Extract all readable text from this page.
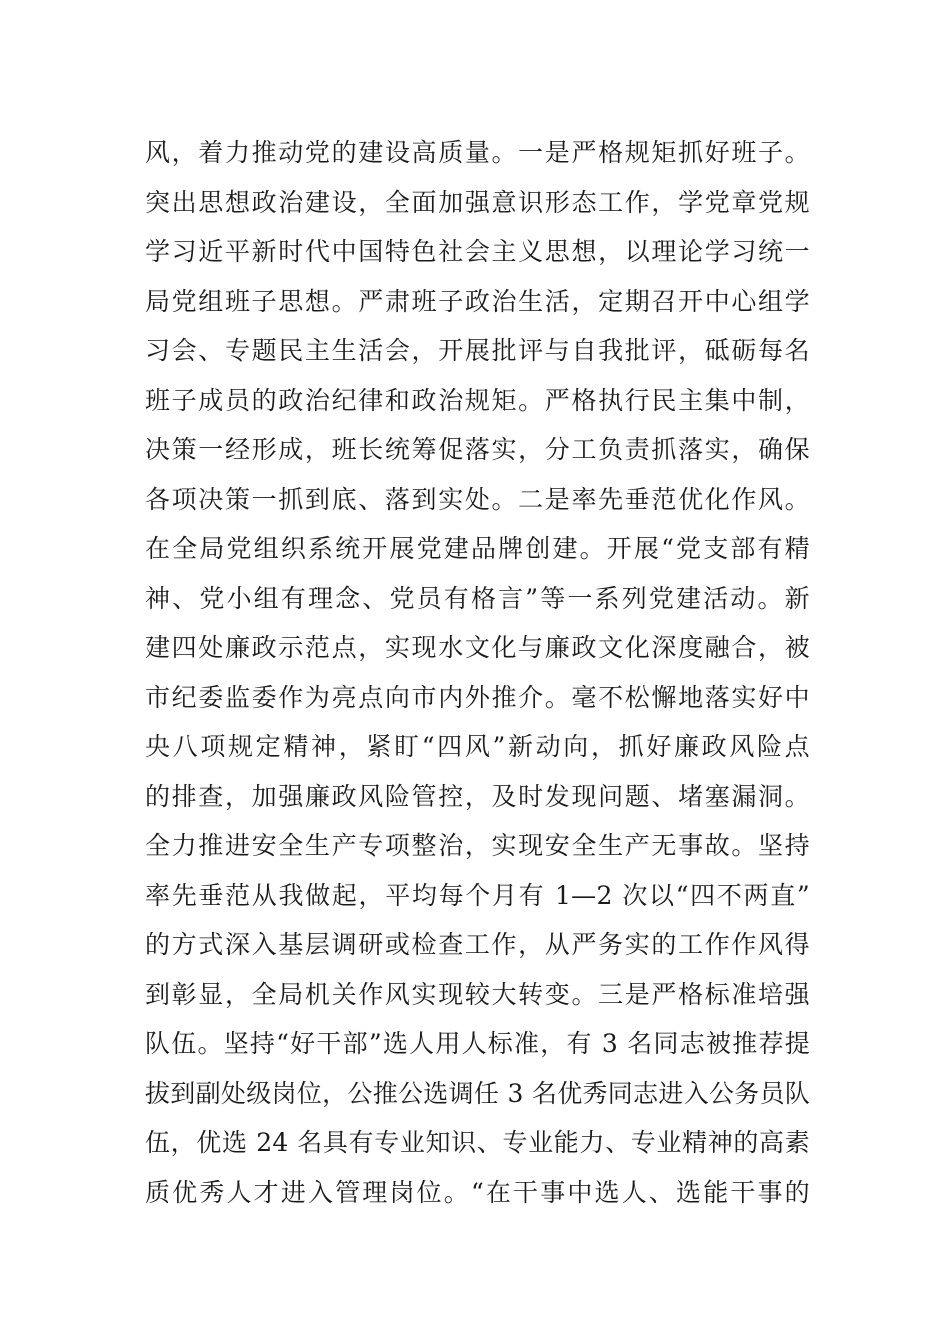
风，着力推动党的建设高质量。一是严格规矩抓好班子。
突出思想政治建设，全面加强意识形态工作，学党章党规
学习近平新时代中国特色社会主义思想，以理论学习统一
局党组班子思想。严肃班子政治生活，定期召开中心组学
习会、专题民主生活会，开展批评与自我批评，砥砺每名
班子成员的政治纪律和政治规矩。严格执行民主集中制，
决策一经形成，班长统筹促落实，分工负责抓落实，确保
各项决策一抓到底、落到实处。二是率先垂范优化作风。
在全局党组织系统开展党建品牌创建。开展“党支部有精
神、党小组有理念、党员有格言”等一系列党建活动。新
建四处廉政示范点，实现水文化与廉政文化深度融合，被
市纪委监委作为亮点向市内外推介。毫不松懈地落实好中
央八项规定精神，紧盯“四风”新动向，抓好廉政风险点
的排查，加强廉政风险管控，及时发现问题、堵塞漏洞。
全力推进安全生产专项整治，实现安全生产无事故。坚持
率先垂范从我做起，平均每个月有 1—2 次以“四不两直”
的方式深入基层调研或检查工作，从严务实的工作作风得
到彰显，全局机关作风实现较大转变。三是严格标准培强
队伍。坚持“好干部”选人用人标准，有 3 名同志被推荐提
拔到副处级岗位，公推公选调任 3 名优秀同志进入公务员队
伍，优选 24 名具有专业知识、专业能力、专业精神的高素
质优秀人才进入管理岗位。“在干事中选人、选能干事的
